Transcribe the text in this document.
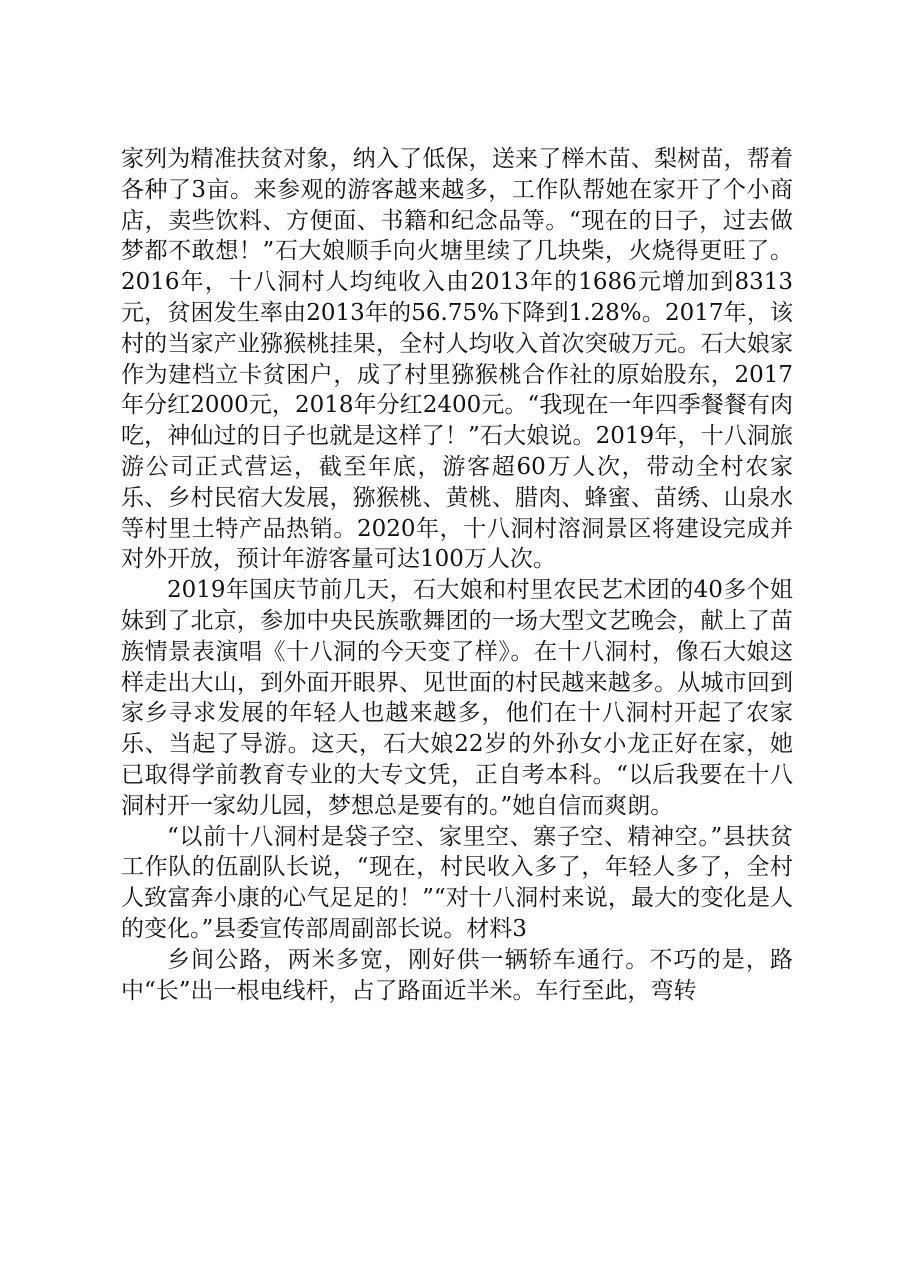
家列为精准扶贫对象，纳入了低保，送来了榉木苗、梨树苗，帮着各种了3亩。来参观的游客越来越多，工作队帮她在家开了个小商店，卖些饮料、方便面、书籍和纪念品等。“现在的日子，过去做梦都不敢想！”石大娘顺手向火塘里续了几块柴，火烧得更旺了。2016年，十八洞村人均纯收入由2013年的1686元增加到8313元，贫困发生率由2013年的56.75%下降到1.28%。2017年，该村的当家产业猕猴桃挂果，全村人均收入首次突破万元。石大娘家作为建档立卡贫困户，成了村里猕猴桃合作社的原始股东，2017年分红2000元，2018年分红2400元。“我现在一年四季餐餐有肉吃，神仙过的日子也就是这样了！”石大娘说。2019年，十八洞旅游公司正式营运，截至年底，游客超60万人次，带动全村农家乐、乡村民宿大发展，猕猴桃、黄桃、腊肉、蜂蜜、苗绣、山泉水等村里土特产品热销。2020年，十八洞村溶洞景区将建设完成并对外开放，预计年游客量可达100万人次。

2019年国庆节前几天，石大娘和村里农民艺术团的40多个姐妹到了北京，参加中央民族歌舞团的一场大型文艺晚会，献上了苗族情景表演唱《十八洞的今天变了样》。在十八洞村，像石大娘这样走出大山，到外面开眼界、见世面的村民越来越多。从城市回到家乡寻求发展的年轻人也越来越多，他们在十八洞村开起了农家乐、当起了导游。这天，石大娘22岁的外孙女小龙正好在家，她已取得学前教育专业的大专文凭，正自考本科。“以后我要在十八洞村开一家幼儿园，梦想总是要有的。”她自信而爽朗。

“以前十八洞村是袋子空、家里空、寨子空、精神空。”县扶贫工作队的伍副队长说，“现在，村民收入多了，年轻人多了，全村人致富奔小康的心气足足的！”“对十八洞村来说，最大的变化是人的变化。”县委宣传部周副部长说。材料3

乡间公路，两米多宽，刚好供一辆轿车通行。不巧的是，路中“长”出一根电线杆，占了路面近半米。车行至此，弯转
